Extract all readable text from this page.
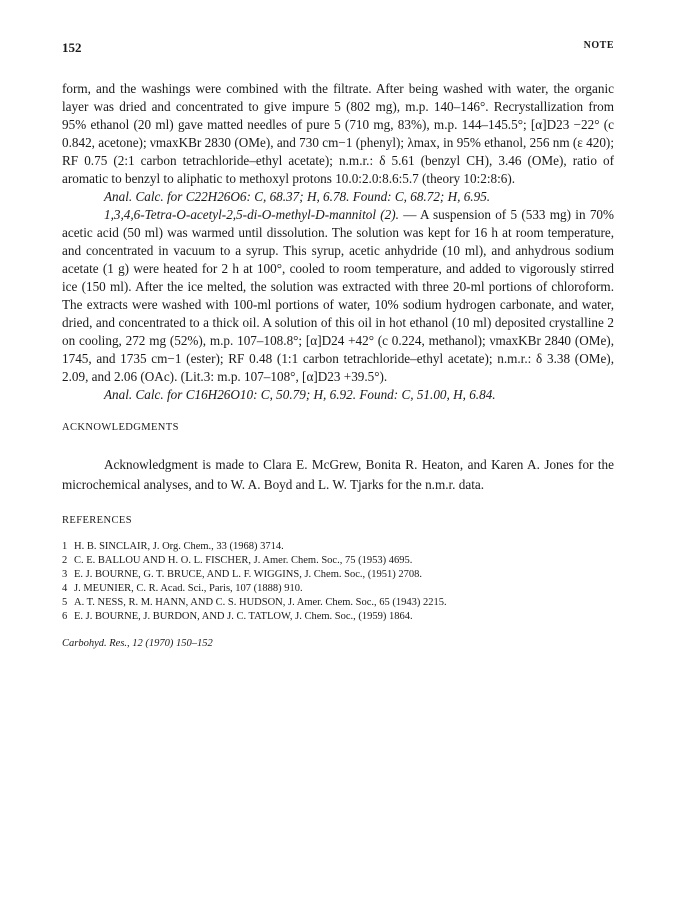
152	NOTE

form, and the washings were combined with the filtrate. After being washed with water, the organic layer was dried and concentrated to give impure 5 (802 mg), m.p. 140–146°. Recrystallization from 95% ethanol (20 ml) gave matted needles of pure 5 (710 mg, 83%), m.p. 144–145.5°; [α]D23 −22° (c 0.842, acetone); νmaxKBr 2830 (OMe), and 730 cm−1 (phenyl); λmax, in 95% ethanol, 256 nm (ε 420); RF 0.75 (2:1 carbon tetrachloride–ethyl acetate); n.m.r.: δ 5.61 (benzyl CH), 3.46 (OMe), ratio of aromatic to benzyl to aliphatic to methoxyl protons 10.0:2.0:8.6:5.7 (theory 10:2:8:6).

Anal. Calc. for C22H26O6: C, 68.37; H, 6.78. Found: C, 68.72; H, 6.95.

1,3,4,6-Tetra-O-acetyl-2,5-di-O-methyl-D-mannitol (2). — A suspension of 5 (533 mg) in 70% acetic acid (50 ml) was warmed until dissolution. The solution was kept for 16 h at room temperature, and concentrated in vacuum to a syrup. This syrup, acetic anhydride (10 ml), and anhydrous sodium acetate (1 g) were heated for 2 h at 100°, cooled to room temperature, and added to vigorously stirred ice (150 ml). After the ice melted, the solution was extracted with three 20-ml portions of chloroform. The extracts were washed with 100-ml portions of water, 10% sodium hydrogen carbonate, and water, dried, and concentrated to a thick oil. A solution of this oil in hot ethanol (10 ml) deposited crystalline 2 on cooling, 272 mg (52%), m.p. 107–108.8°; [α]D24 +42° (c 0.224, methanol); νmaxKBr 2840 (OMe), 1745, and 1735 cm−1 (ester); RF 0.48 (1:1 carbon tetrachloride–ethyl acetate); n.m.r.: δ 3.38 (OMe), 2.09, and 2.06 (OAc). (Lit.3: m.p. 107–108°, [α]D23 +39.5°).

Anal. Calc. for C16H26O10: C, 50.79; H, 6.92. Found: C, 51.00, H, 6.84.

ACKNOWLEDGMENTS

Acknowledgment is made to Clara E. McGrew, Bonita R. Heaton, and Karen A. Jones for the microchemical analyses, and to W. A. Boyd and L. W. Tjarks for the n.m.r. data.

REFERENCES
1 H. B. SINCLAIR, J. Org. Chem., 33 (1968) 3714.
2 C. E. BALLOU AND H. O. L. FISCHER, J. Amer. Chem. Soc., 75 (1953) 4695.
3 E. J. BOURNE, G. T. BRUCE, AND L. F. WIGGINS, J. Chem. Soc., (1951) 2708.
4 J. MEUNIER, C. R. Acad. Sci., Paris, 107 (1888) 910.
5 A. T. NESS, R. M. HANN, AND C. S. HUDSON, J. Amer. Chem. Soc., 65 (1943) 2215.
6 E. J. BOURNE, J. BURDON, AND J. C. TATLOW, J. Chem. Soc., (1959) 1864.
Carbohyd. Res., 12 (1970) 150–152
